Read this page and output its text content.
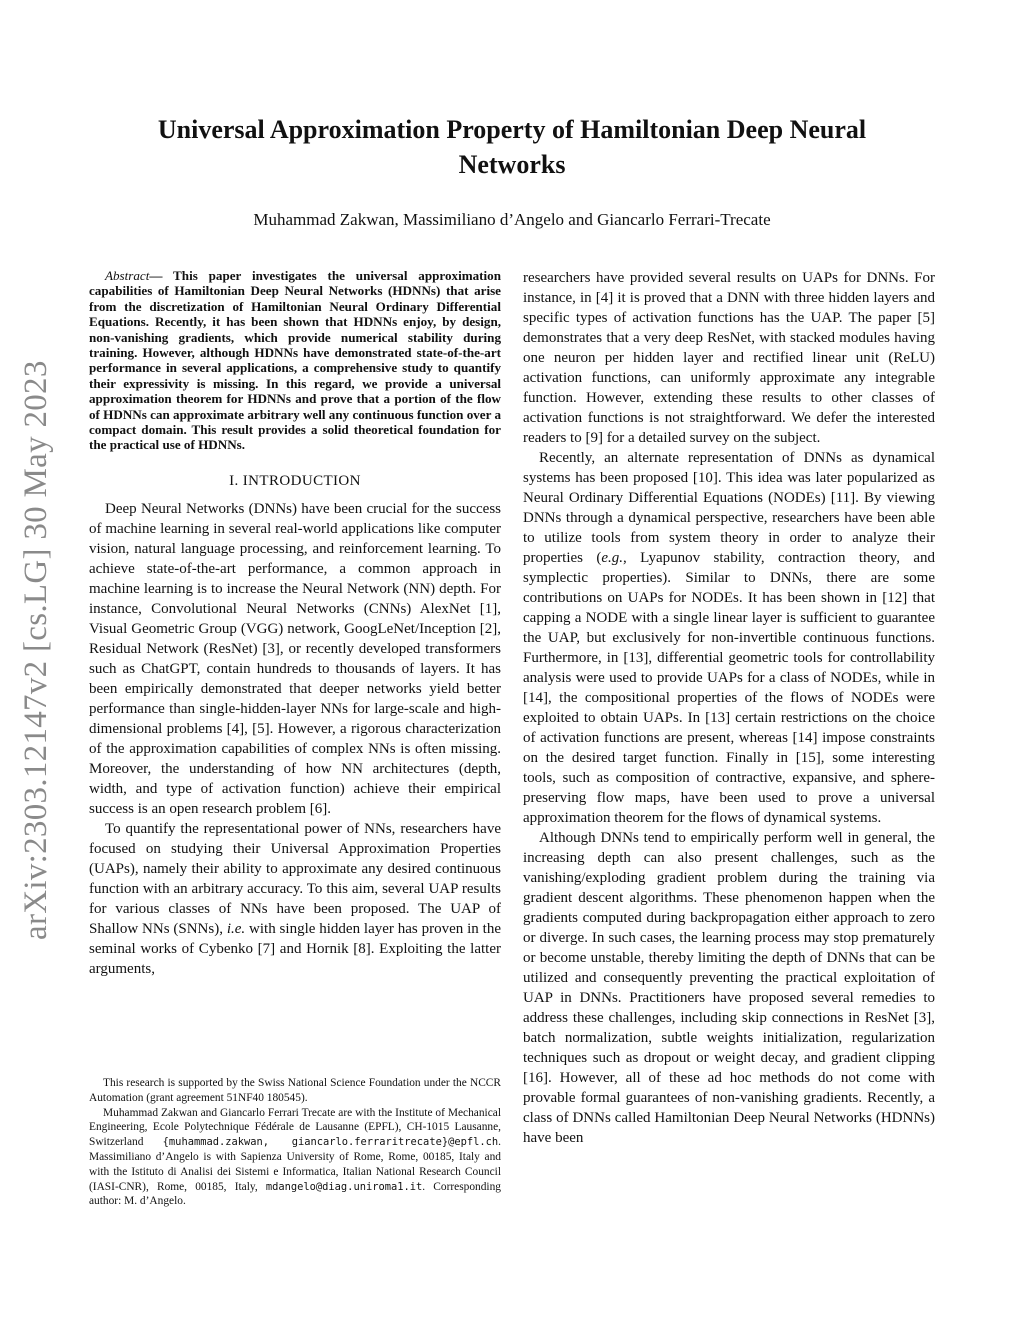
arXiv:2303.12147v2 [cs.LG] 30 May 2023
Universal Approximation Property of Hamiltonian Deep Neural Networks
Muhammad Zakwan, Massimiliano d’Angelo and Giancarlo Ferrari-Trecate

Abstract— This paper investigates the universal approximation capabilities of Hamiltonian Deep Neural Networks (HDNNs) that arise from the discretization of Hamiltonian Neural Ordinary Differential Equations. Recently, it has been shown that HDNNs enjoy, by design, non-vanishing gradients, which provide numerical stability during training. However, although HDNNs have demonstrated state-of-the-art performance in several applications, a comprehensive study to quantify their expressivity is missing. In this regard, we provide a universal approximation theorem for HDNNs and prove that a portion of the flow of HDNNs can approximate arbitrary well any continuous function over a compact domain. This result provides a solid theoretical foundation for the practical use of HDNNs.

I. INTRODUCTION

Deep Neural Networks (DNNs) have been crucial for the success of machine learning in several real-world applications like computer vision, natural language processing, and reinforcement learning. To achieve state-of-the-art performance, a common approach in machine learning is to increase the Neural Network (NN) depth. For instance, Convolutional Neural Networks (CNNs) AlexNet [1], Visual Geometric Group (VGG) network, GoogLeNet/Inception [2], Residual Network (ResNet) [3], or recently developed transformers such as ChatGPT, contain hundreds to thousands of layers. It has been empirically demonstrated that deeper networks yield better performance than single-hidden-layer NNs for large-scale and high-dimensional problems [4], [5]. However, a rigorous characterization of the approximation capabilities of complex NNs is often missing. Moreover, the understanding of how NN architectures (depth, width, and type of activation function) achieve their empirical success is an open research problem [6].

To quantify the representational power of NNs, researchers have focused on studying their Universal Approximation Properties (UAPs), namely their ability to approximate any desired continuous function with an arbitrary accuracy. To this aim, several UAP results for various classes of NNs have been proposed. The UAP of Shallow NNs (SNNs), i.e. with single hidden layer has proven in the seminal works of Cybenko [7] and Hornik [8]. Exploiting the latter arguments,

This research is supported by the Swiss National Science Foundation under the NCCR Automation (grant agreement 51NF40 180545).

Muhammad Zakwan and Giancarlo Ferrari Trecate are with the Institute of Mechanical Engineering, Ecole Polytechnique Fédérale de Lausanne (EPFL), CH-1015 Lausanne, Switzerland {muhammad.zakwan, giancarlo.ferraritrecate}@epfl.ch. Massimiliano d’Angelo is with Sapienza University of Rome, Rome, 00185, Italy and with the Istituto di Analisi dei Sistemi e Informatica, Italian National Research Council (IASI-CNR), Rome, 00185, Italy, mdangelo@diag.uniroma1.it. Corresponding author: M. d’Angelo.

researchers have provided several results on UAPs for DNNs. For instance, in [4] it is proved that a DNN with three hidden layers and specific types of activation functions has the UAP. The paper [5] demonstrates that a very deep ResNet, with stacked modules having one neuron per hidden layer and rectified linear unit (ReLU) activation functions, can uniformly approximate any integrable function. However, extending these results to other classes of activation functions is not straightforward. We defer the interested readers to [9] for a detailed survey on the subject.

Recently, an alternate representation of DNNs as dynamical systems has been proposed [10]. This idea was later popularized as Neural Ordinary Differential Equations (NODEs) [11]. By viewing DNNs through a dynamical perspective, researchers have been able to utilize tools from system theory in order to analyze their properties (e.g., Lyapunov stability, contraction theory, and symplectic properties). Similar to DNNs, there are some contributions on UAPs for NODEs. It has been shown in [12] that capping a NODE with a single linear layer is sufficient to guarantee the UAP, but exclusively for non-invertible continuous functions. Furthermore, in [13], differential geometric tools for controllability analysis were used to provide UAPs for a class of NODEs, while in [14], the compositional properties of the flows of NODEs were exploited to obtain UAPs. In [13] certain restrictions on the choice of activation functions are present, whereas [14] impose constraints on the desired target function. Finally in [15], some interesting tools, such as composition of contractive, expansive, and sphere-preserving flow maps, have been used to prove a universal approximation theorem for the flows of dynamical systems.

Although DNNs tend to empirically perform well in general, the increasing depth can also present challenges, such as the vanishing/exploding gradient problem during the training via gradient descent algorithms. These phenomenon happen when the gradients computed during backpropagation either approach to zero or diverge. In such cases, the learning process may stop prematurely or become unstable, thereby limiting the depth of DNNs that can be utilized and consequently preventing the practical exploitation of UAP in DNNs. Practitioners have proposed several remedies to address these challenges, including skip connections in ResNet [3], batch normalization, subtle weights initialization, regularization techniques such as dropout or weight decay, and gradient clipping [16]. However, all of these ad hoc methods do not come with provable formal guarantees of non-vanishing gradients. Recently, a class of DNNs called Hamiltonian Deep Neural Networks (HDNNs) have been
